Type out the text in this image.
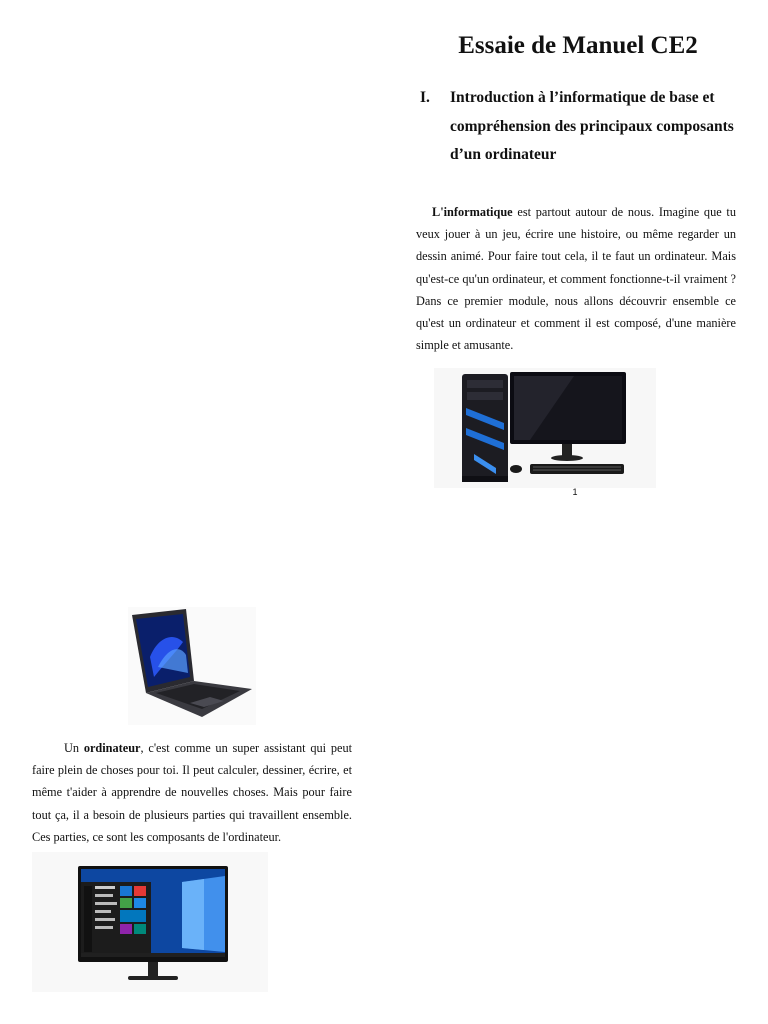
Essaie de Manuel CE2
I.	Introduction à l’informatique de base et compréhension des principaux composants d’un ordinateur
L'informatique est partout autour de nous. Imagine que tu veux jouer à un jeu, écrire une histoire, ou même regarder un dessin animé. Pour faire tout cela, il te faut un ordinateur. Mais qu'est-ce qu'un ordinateur, et comment fonctionne-t-il vraiment ? Dans ce premier module, nous allons découvrir ensemble ce qu'est un ordinateur et comment il est composé, d'une manière simple et amusante.
1
Un ordinateur, c'est comme un super assistant qui peut faire plein de choses pour toi. Il peut calculer, dessiner, écrire, et même t'aider à apprendre de nouvelles choses. Mais pour faire tout ça, il a besoin de plusieurs parties qui travaillent ensemble. Ces parties, ce sont les composants de l'ordinateur.
